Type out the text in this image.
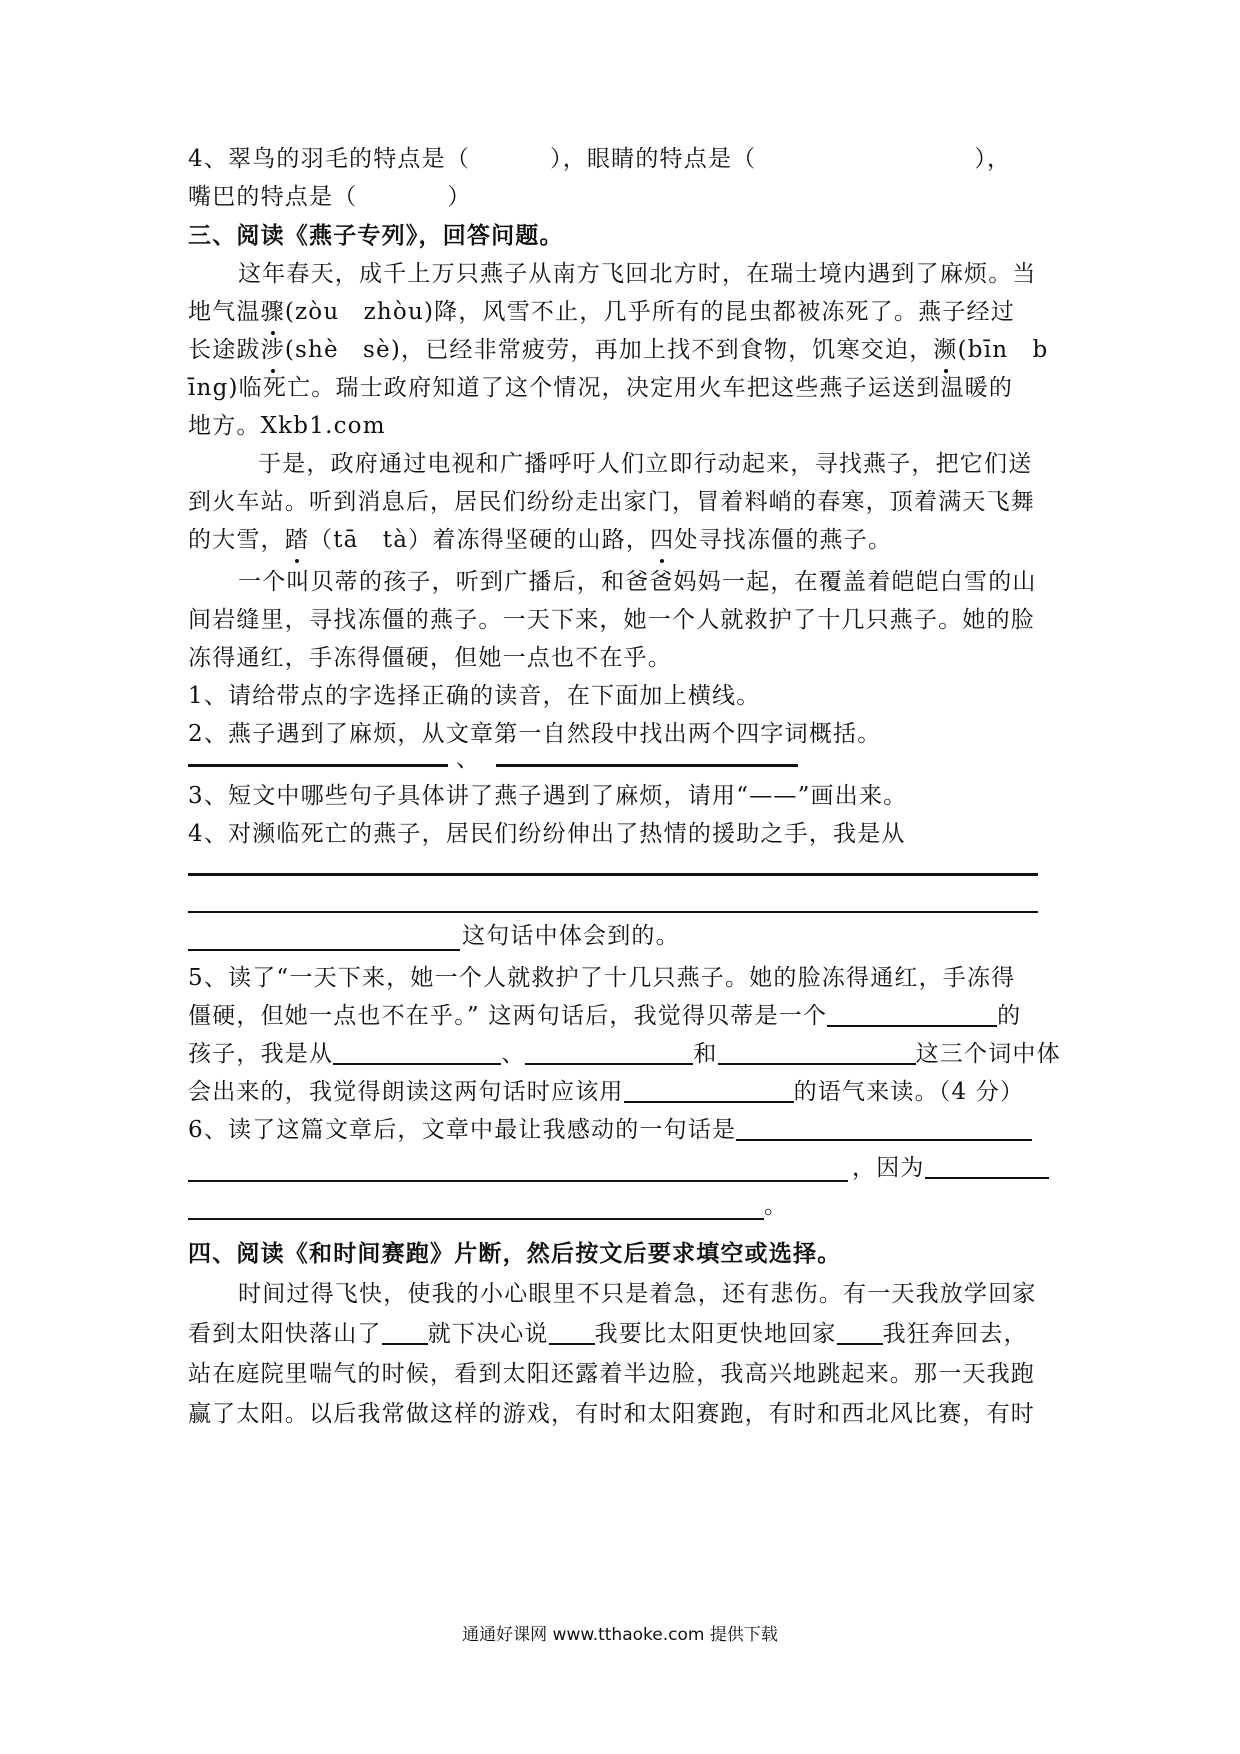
4、翠鸟的羽毛的特点是（	），眼睛的特点是（	），
嘴巴的特点是（	）
三、阅读《燕子专列》，回答问题。
这年春天，成千上万只燕子从南方飞回北方时，在瑞士境内遇到了麻烦。当
地气温骤(zòu　zhòu)降，风雪不止，几乎所有的昆虫都被冻死了。燕子经过
长途跋涉(shè　sè)，已经非常疲劳，再加上找不到食物，饥寒交迫，濒(bīn　b
īng)临死亡。瑞士政府知道了这个情况，决定用火车把这些燕子运送到温暖的
地方。Xkb1.com
于是，政府通过电视和广播呼吁人们立即行动起来，寻找燕子，把它们送
到火车站。听到消息后，居民们纷纷走出家门，冒着料峭的春寒，顶着满天飞舞
的大雪，踏（tā　tà）着冻得坚硬的山路，四处寻找冻僵的燕子。
一个叫贝蒂的孩子，听到广播后，和爸爸妈妈一起，在覆盖着皑皑白雪的山
间岩缝里，寻找冻僵的燕子。一天下来，她一个人就救护了十几只燕子。她的脸
冻得通红，手冻得僵硬，但她一点也不在乎。
1、请给带点的字选择正确的读音，在下面加上横线。
2、燕子遇到了麻烦，从文章第一自然段中找出两个四字词概括。
、
3、短文中哪些句子具体讲了燕子遇到了麻烦，请用“——”画出来。
4、对濒临死亡的燕子，居民们纷纷伸出了热情的援助之手，我是从
这句话中体会到的。
5、读了“一天下来，她一个人就救护了十几只燕子。她的脸冻得通红，手冻得
僵硬，但她一点也不在乎。” 这两句话后，我觉得贝蒂是一个	的
孩子，我是从	、	和	这三个词中体
会出来的，我觉得朗读这两句话时应该用	的语气来读。（4 分）
6、读了这篇文章后，文章中最让我感动的一句话是
，因为
。
四、阅读《和时间赛跑》片断，然后按文后要求填空或选择。
时间过得飞快，使我的小心眼里不只是着急，还有悲伤。有一天我放学回家
看到太阳快落山了 就下决心说 我要比太阳更快地回家 我狂奔回去，
站在庭院里喘气的时候，看到太阳还露着半边脸，我高兴地跳起来。那一天我跑
赢了太阳。以后我常做这样的游戏，有时和太阳赛跑，有时和西北风比赛，有时
通通好课网 www.tthaoke.com 提供下载
